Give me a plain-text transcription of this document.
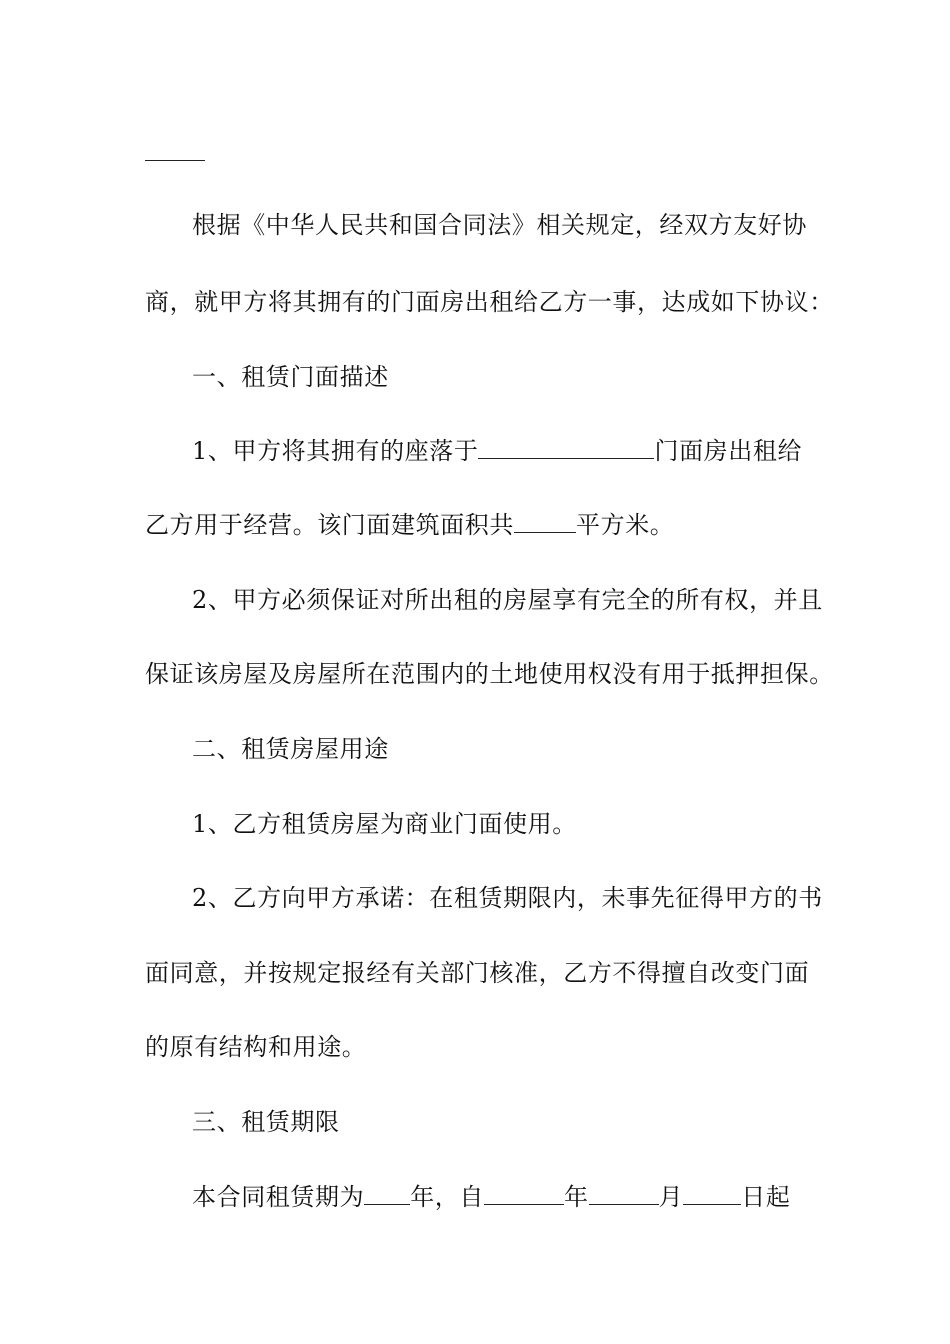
根据《中华人民共和国合同法》相关规定，经双方友好协
商，就甲方将其拥有的门面房出租给乙方一事，达成如下协议：
一、租赁门面描述
1、甲方将其拥有的座落于	门面房出租给
乙方用于经营。该门面建筑面积共	平方米。
2、甲方必须保证对所出租的房屋享有完全的所有权，并且
保证该房屋及房屋所在范围内的土地使用权没有用于抵押担保。
二、租赁房屋用途
1、乙方租赁房屋为商业门面使用。
2、乙方向甲方承诺：在租赁期限内，未事先征得甲方的书
面同意，并按规定报经有关部门核准，乙方不得擅自改变门面
的原有结构和用途。
三、租赁期限
本合同租赁期为 年，自	年	月 日起
